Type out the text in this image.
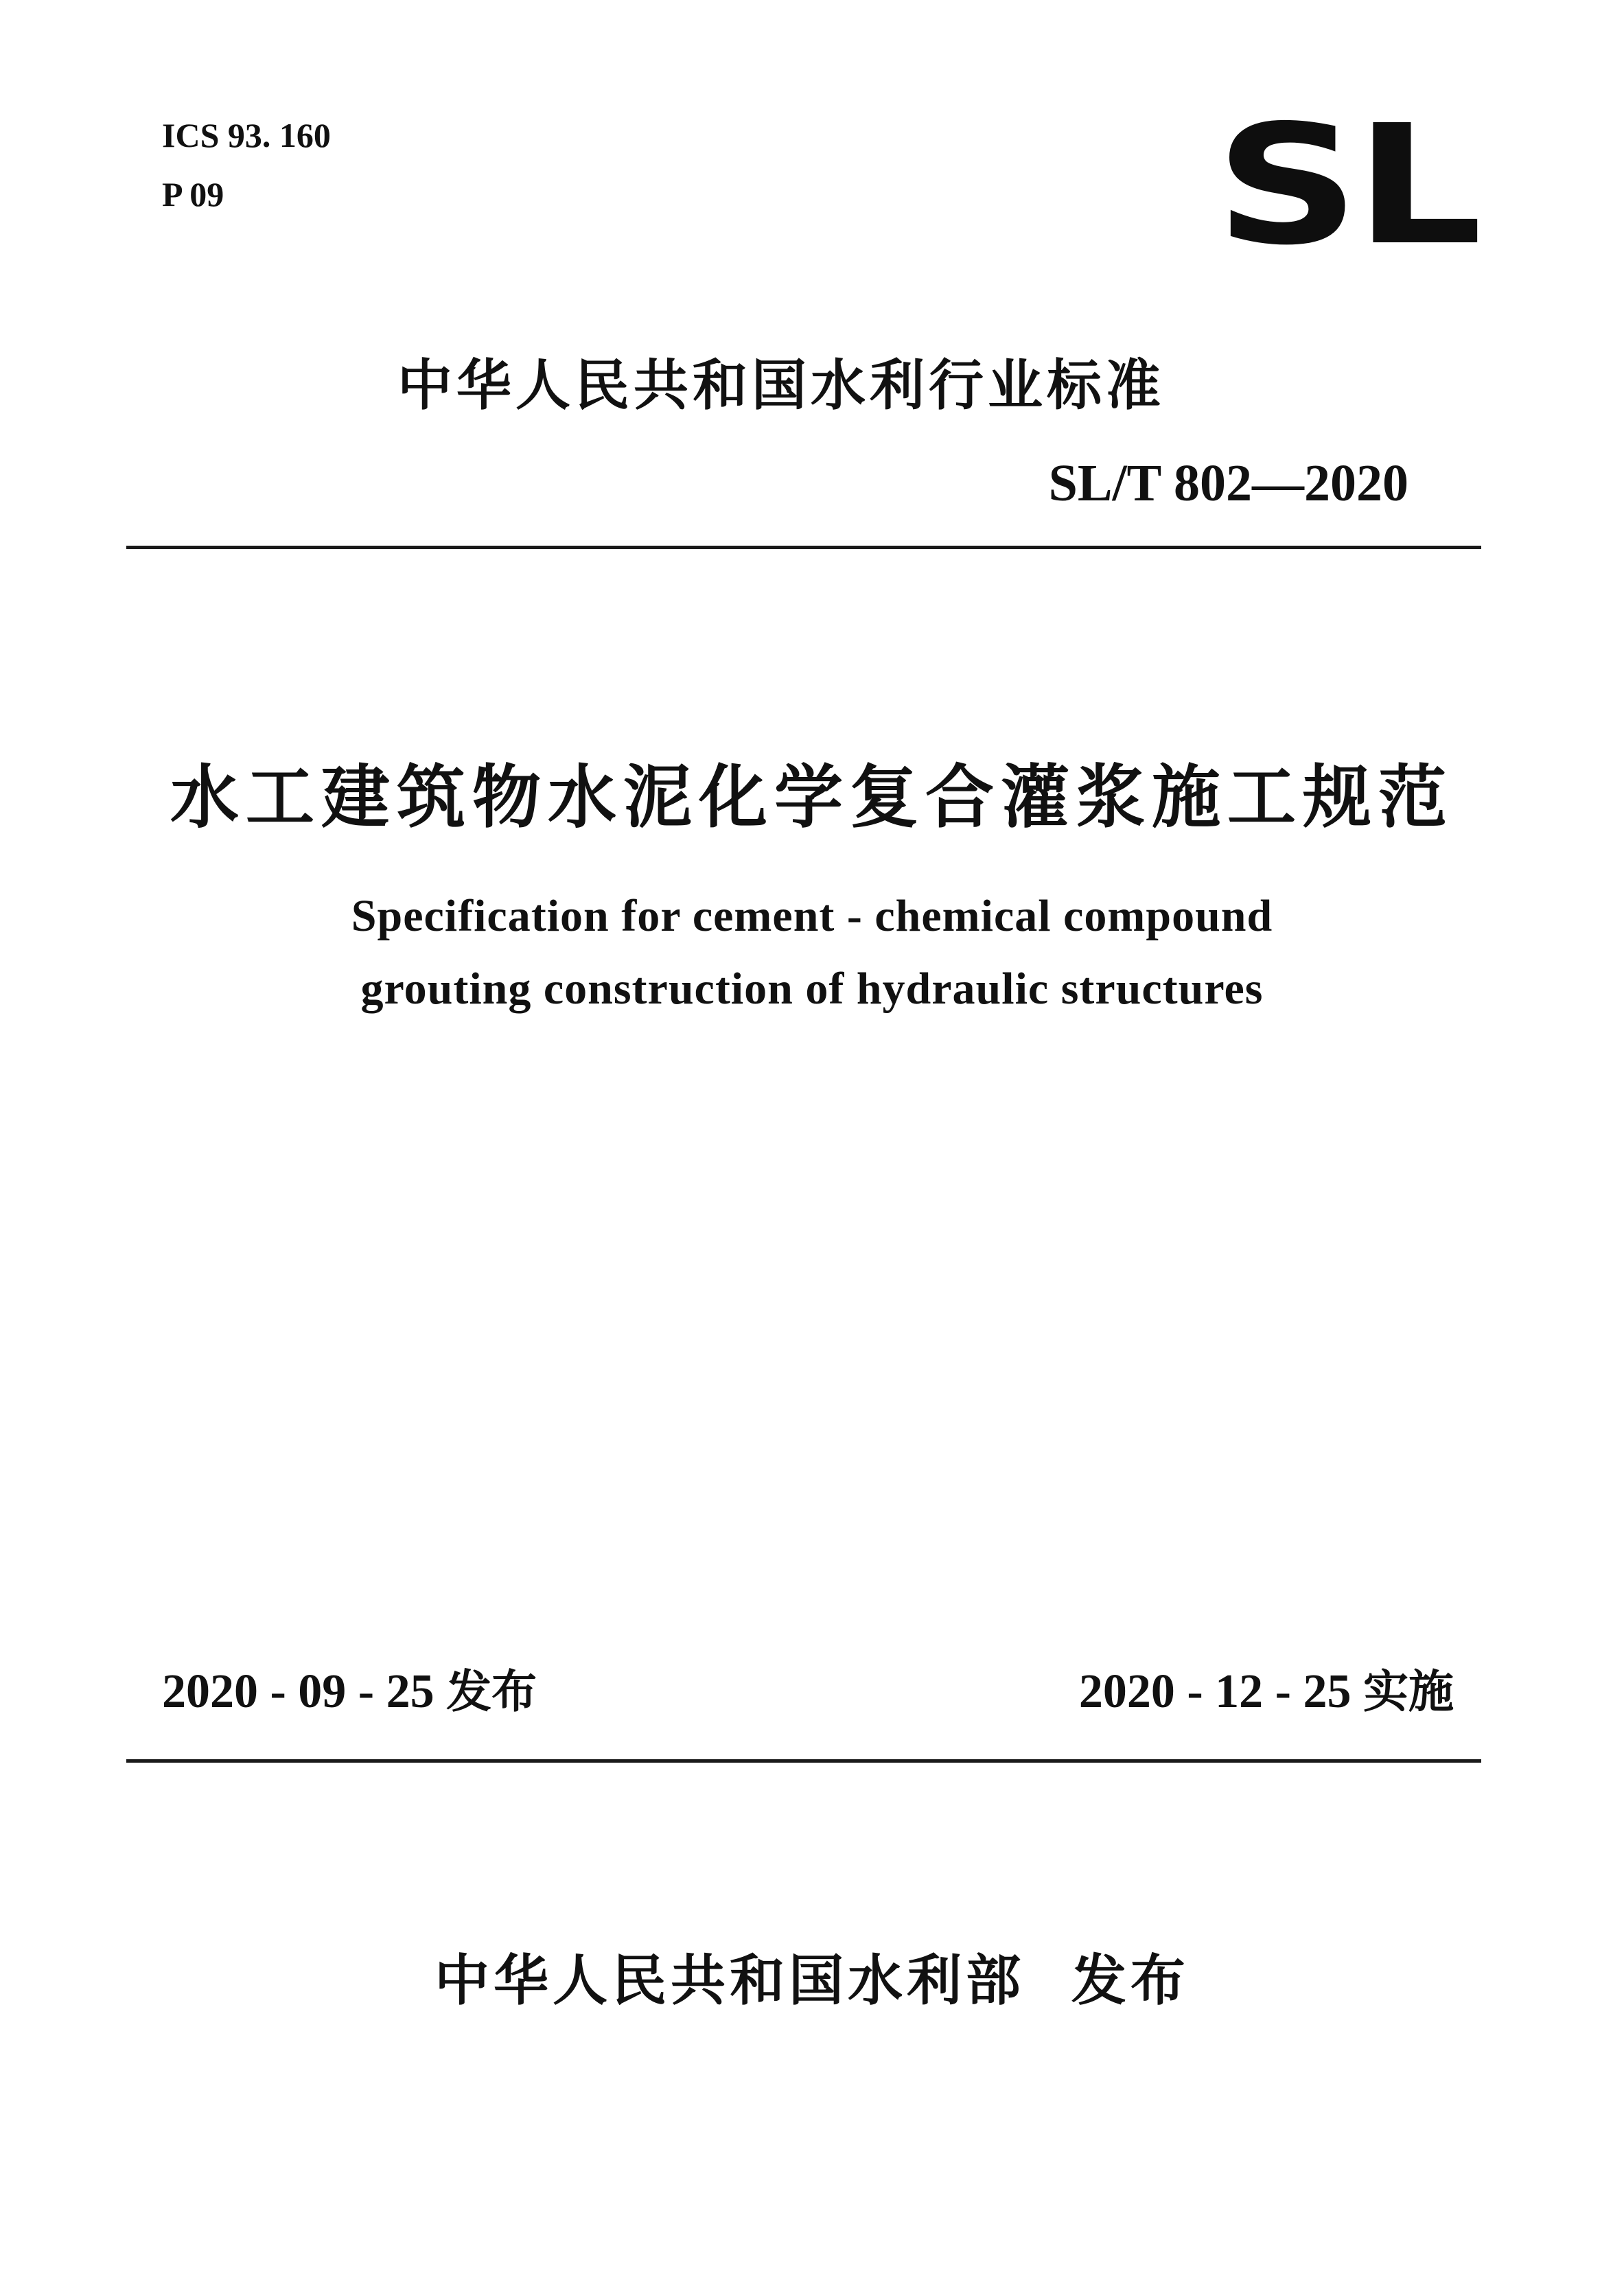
ICS 93. 160
P 09	SL
中华人民共和国水利行业标准
SL/T 802—2020
水工建筑物水泥化学复合灌浆施工规范
Specification for cement - chemical compound
grouting construction of hydraulic structures
2020 - 09 - 25 发布	2020 - 12 - 25 实施
中华人民共和国水利部 发布
